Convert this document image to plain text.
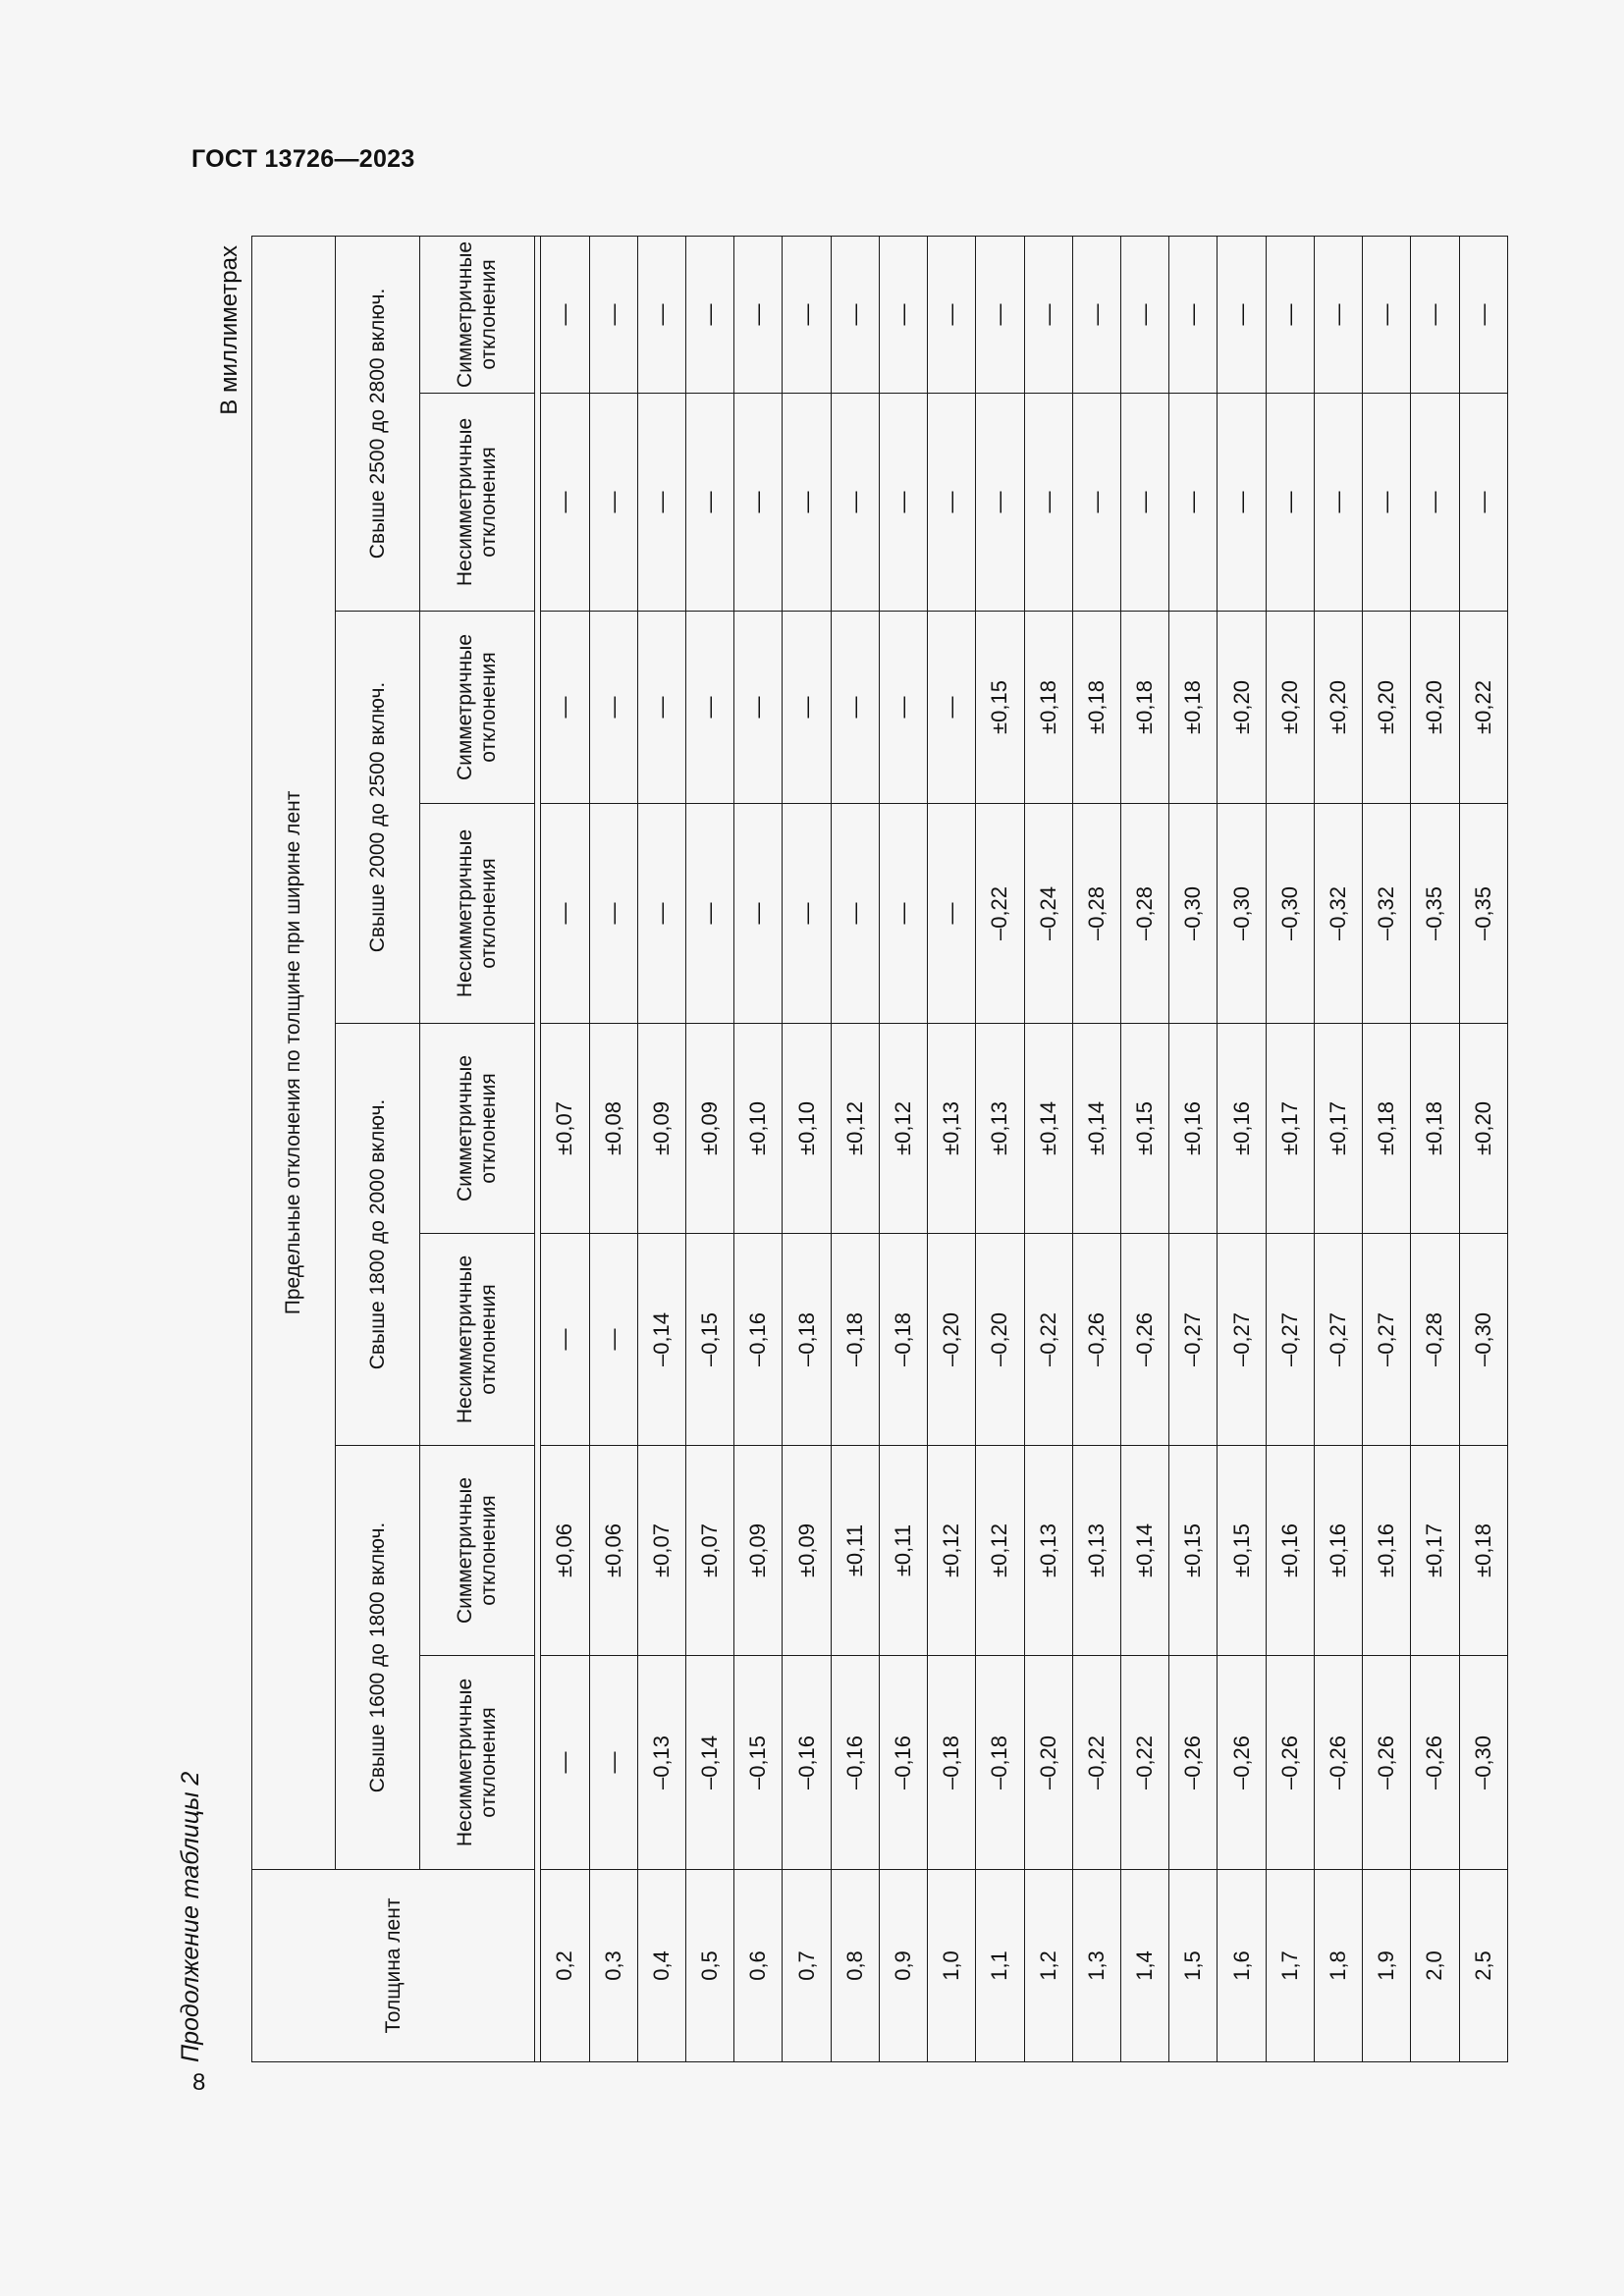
ГОСТ 13726—2023
8
Продолжение таблицы 2
В миллиметрах
Толщина лент	Предельные отклонения по толщине при ширине лент							
	Свыше 1600 до 1800 включ.		Свыше 1800 до 2000 включ.		Свыше 2000 до 2500 включ.		Свыше 2500 до 2800 включ.	
	Несимметричные отклонения	Симметричные отклонения	Несимметричные отклонения	Симметричные отклонения	Несимметричные отклонения	Симметричные отклонения	Несимметричные отклонения	Симметричные отклонения

0,2	—	±0,06	—	±0,07	—	—	—	—
0,3	—	±0,06	—	±0,08	—	—	—	—
0,4	–0,13	±0,07	–0,14	±0,09	—	—	—	—
0,5	–0,14	±0,07	–0,15	±0,09	—	—	—	—
0,6	–0,15	±0,09	–0,16	±0,10	—	—	—	—
0,7	–0,16	±0,09	–0,18	±0,10	—	—	—	—
0,8	–0,16	±0,11	–0,18	±0,12	—	—	—	—
0,9	–0,16	±0,11	–0,18	±0,12	—	—	—	—
1,0	–0,18	±0,12	–0,20	±0,13	—	—	—	—
1,1	–0,18	±0,12	–0,20	±0,13	–0,22	±0,15	—	—
1,2	–0,20	±0,13	–0,22	±0,14	–0,24	±0,18	—	—
1,3	–0,22	±0,13	–0,26	±0,14	–0,28	±0,18	—	—
1,4	–0,22	±0,14	–0,26	±0,15	–0,28	±0,18	—	—
1,5	–0,26	±0,15	–0,27	±0,16	–0,30	±0,18	—	—
1,6	–0,26	±0,15	–0,27	±0,16	–0,30	±0,20	—	—
1,7	–0,26	±0,16	–0,27	±0,17	–0,30	±0,20	—	—
1,8	–0,26	±0,16	–0,27	±0,17	–0,32	±0,20	—	—
1,9	–0,26	±0,16	–0,27	±0,18	–0,32	±0,20	—	—
2,0	–0,26	±0,17	–0,28	±0,18	–0,35	±0,20	—	—
2,5	–0,30	±0,18	–0,30	±0,20	–0,35	±0,22	—	—
